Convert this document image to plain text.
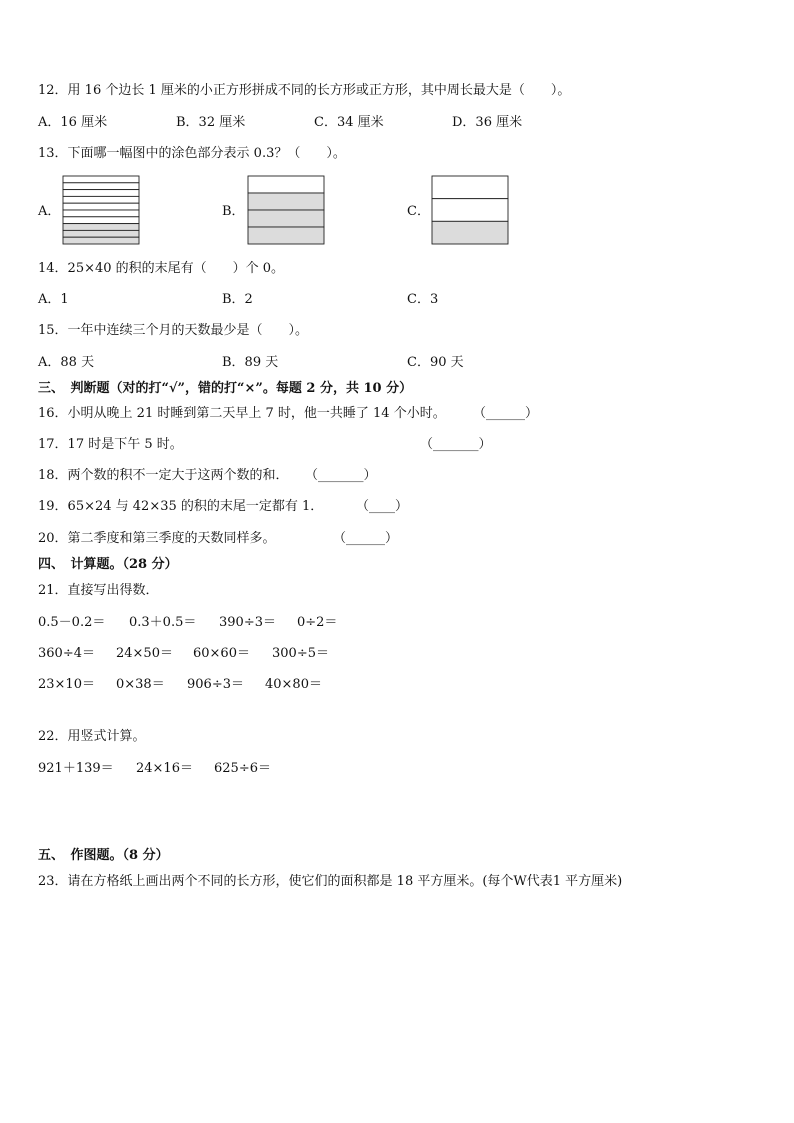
12．用 16 个边长 1 厘米的小正方形拼成不同的长方形或正方形，其中周长最大是（　　）。
A．16 厘米	B．32 厘米	C．34 厘米	D．36 厘米
13．下面哪一幅图中的涂色部分表示 0.3？（　　）。
A．	B．	C．
14．25×40 的积的末尾有（　　）个 0。
A．1	B．2	C．3
15．一年中连续三个月的天数最少是（　　）。
A．88 天	B．89 天	C．90 天
三、　判断题（对的打“√”，错的打“×”。每题 2 分，共 10 分）
16．小明从晚上 21 时睡到第二天早上 7 时，他一共睡了 14 个小时。 （______）
17．17 时是下午 5 时。	（_______）
18．两个数的积不一定大于这两个数的和． （_______）
19．65×24 与 42×35 的积的末尾一定都有 1．	（____）
20．第二季度和第三季度的天数同样多。	（______）
四、　计算题。（28 分）
21．直接写出得数．
0.5－0.2＝ 0.3＋0.5＝ 390÷3＝ 0÷2＝
360÷4＝ 24×50＝ 60×60＝ 300÷5＝
23×10＝ 0×38＝ 906÷3＝ 40×80＝
22．用竖式计算。
921＋139＝ 24×16＝ 625÷6＝
五、　作图题。（8 分）
23．请在方格纸上画出两个不同的长方形，使它们的面积都是 18 平方厘米。(每个W代表1 平方厘米)
